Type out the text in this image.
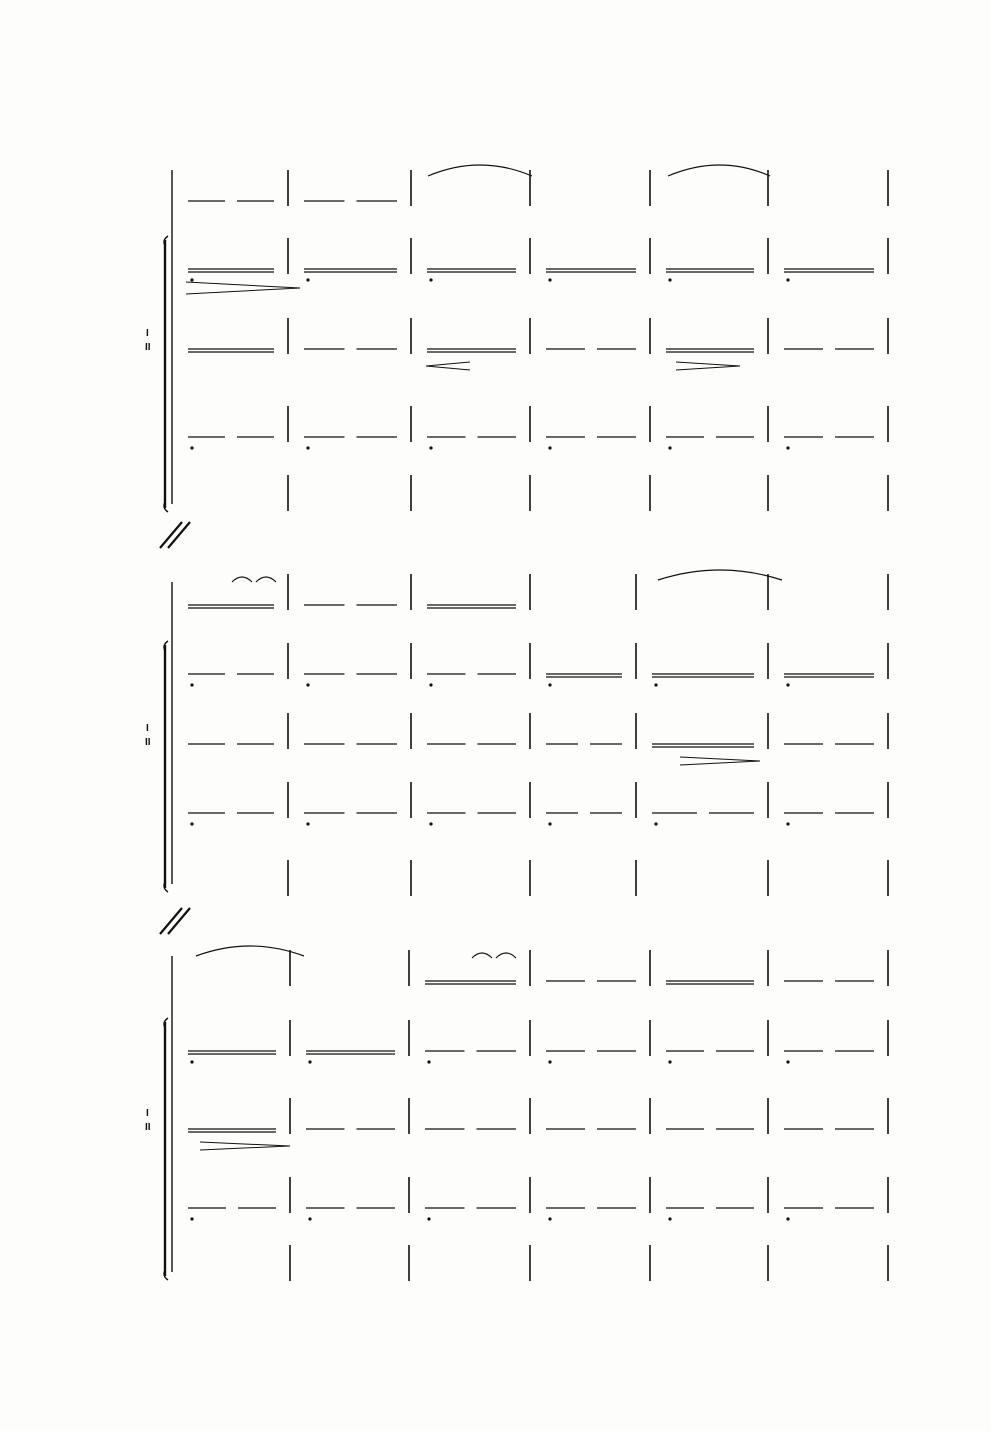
I
II
I
II
I
II
